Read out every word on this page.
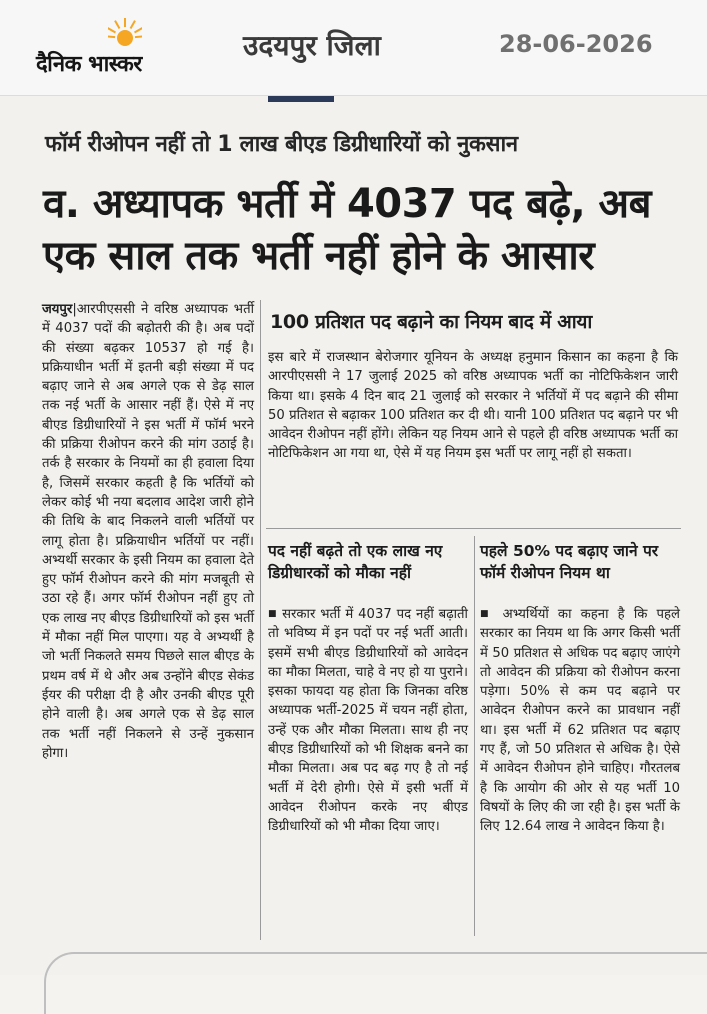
दैनिक भास्कर
उदयपुर जिला	28-06-2026
फॉर्म रीओपन नहीं तो 1 लाख बीएड डिग्रीधारियों को नुकसान
व. अध्यापक भर्ती में 4037 पद बढ़े, अब एक साल तक भर्ती नहीं होने के आसार
जयपुर|आरपीएससी ने वरिष्ठ अध्यापक भर्ती में 4037 पदों की बढ़ोतरी की है। अब पदों की संख्या बढ़कर 10537 हो गई है। प्रक्रियाधीन भर्ती में इतनी बड़ी संख्या में पद बढ़ाए जाने से अब अगले एक से डेढ़ साल तक नई भर्ती के आसार नहीं हैं। ऐसे में नए बीएड डिग्रीधारियों ने इस भर्ती में फॉर्म भरने की प्रक्रिया रीओपन करने की मांग उठाई है। तर्क है सरकार के नियमों का ही हवाला दिया है, जिसमें सरकार कहती है कि भर्तियों को लेकर कोई भी नया बदलाव आदेश जारी होने की तिथि के बाद निकलने वाली भर्तियों पर लागू होता है। प्रक्रियाधीन भर्तियों पर नहीं। अभ्यर्थी सरकार के इसी नियम का हवाला देते हुए फॉर्म रीओपन करने की मांग मजबूती से उठा रहे हैं। अगर फॉर्म रीओपन नहीं हुए तो एक लाख नए बीएड डिग्रीधारियों को इस भर्ती में मौका नहीं मिल पाएगा। यह वे अभ्यर्थी है जो भर्ती निकलते समय पिछले साल बीएड के प्रथम वर्ष में थे और अब उन्होंने बीएड सेकंड ईयर की परीक्षा दी है और उनकी बीएड पूरी होने वाली है। अब अगले एक से डेढ़ साल तक भर्ती नहीं निकलने से उन्हें नुकसान होगा।
100 प्रतिशत पद बढ़ाने का नियम बाद में आया
इस बारे में राजस्थान बेरोजगार यूनियन के अध्यक्ष हनुमान किसान का कहना है कि आरपीएससी ने 17 जुलाई 2025 को वरिष्ठ अध्यापक भर्ती का नोटिफिकेशन जारी किया था। इसके 4 दिन बाद 21 जुलाई को सरकार ने भर्तियों में पद बढ़ाने की सीमा 50 प्रतिशत से बढ़ाकर 100 प्रतिशत कर दी थी। यानी 100 प्रतिशत पद बढ़ाने पर भी आवेदन रीओपन नहीं होंगे। लेकिन यह नियम आने से पहले ही वरिष्ठ अध्यापक भर्ती का नोटिफिकेशन आ गया था, ऐसे में यह नियम इस भर्ती पर लागू नहीं हो सकता।
पद नहीं बढ़ते तो एक लाख नए डिग्रीधारकों को मौका नहीं
पहले 50% पद बढ़ाए जाने पर फॉर्म रीओपन नियम था
■ सरकार भर्ती में 4037 पद नहीं बढ़ाती तो भविष्य में इन पदों पर नई भर्ती आती। इसमें सभी बीएड डिग्रीधारियों को आवेदन का मौका मिलता, चाहे वे नए हो या पुराने। इसका फायदा यह होता कि जिनका वरिष्ठ अध्यापक भर्ती-2025 में चयन नहीं होता, उन्हें एक और मौका मिलता। साथ ही नए बीएड डिग्रीधारियों को भी शिक्षक बनने का मौका मिलता। अब पद बढ़ गए है तो नई भर्ती में देरी होगी। ऐसे में इसी भर्ती में आवेदन रीओपन करके नए बीएड डिग्रीधारियों को भी मौका दिया जाए।
■ अभ्यर्थियों का कहना है कि पहले सरकार का नियम था कि अगर किसी भर्ती में 50 प्रतिशत से अधिक पद बढ़ाए जाएंगे तो आवेदन की प्रक्रिया को रीओपन करना पड़ेगा। 50% से कम पद बढ़ाने पर आवेदन रीओपन करने का प्रावधान नहीं था। इस भर्ती में 62 प्रतिशत पद बढ़ाए गए हैं, जो 50 प्रतिशत से अधिक है। ऐसे में आवेदन रीओपन होने चाहिए। गौरतलब है कि आयोग की ओर से यह भर्ती 10 विषयों के लिए की जा रही है। इस भर्ती के लिए 12.64 लाख ने आवेदन किया है।
